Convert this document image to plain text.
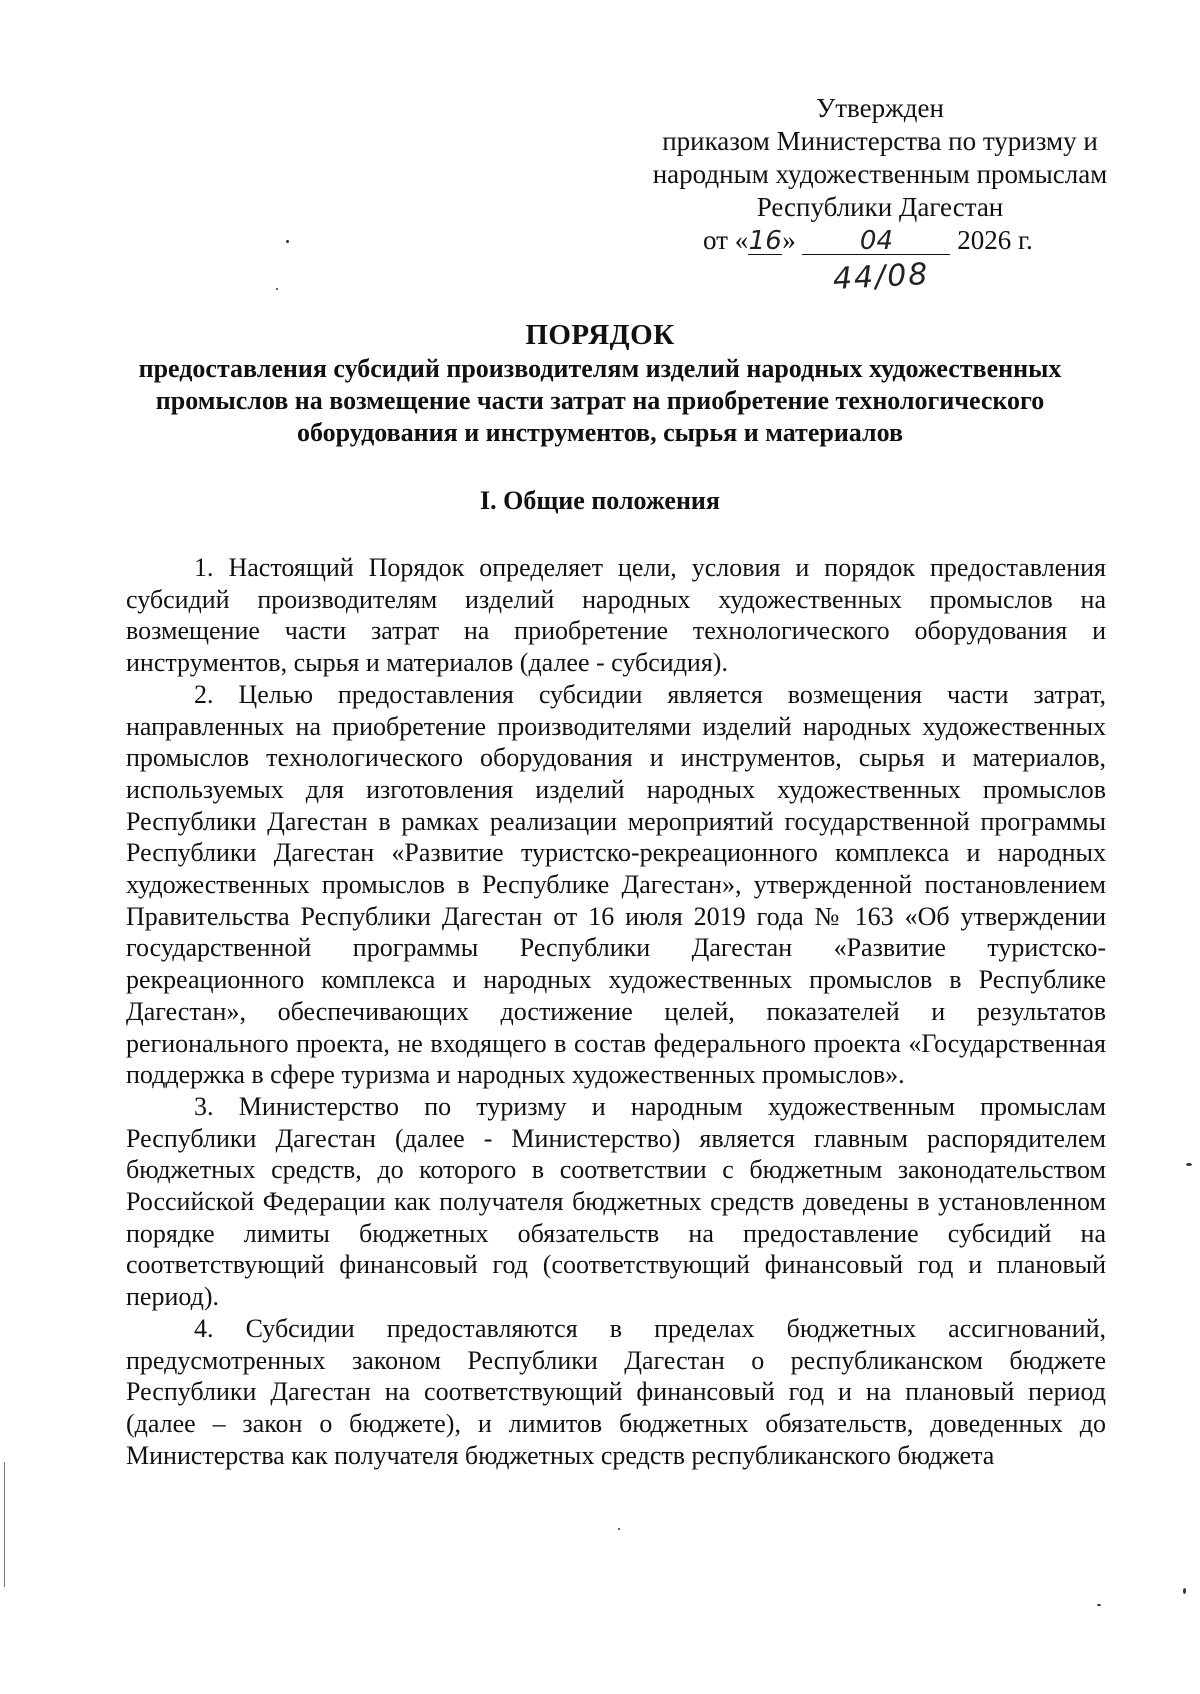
Утвержден
приказом Министерства по туризму и
народным художественным промыслам
Республики Дагестан
от «16» 04 2026 г.
44/08
ПОРЯДОК
предоставления субсидий производителям изделий народных художественных
промыслов на возмещение части затрат на приобретение технологического
оборудования и инструментов, сырья и материалов
I. Общие положения

1. Настоящий Порядок определяет цели, условия и порядок предоставления субсидий производителям изделий народных художественных промыслов на возмещение части затрат на приобретение технологического оборудования и инструментов, сырья и материалов (далее - субсидия).

2. Целью предоставления субсидии является возмещения части затрат, направленных на приобретение производителями изделий народных художественных промыслов технологического оборудования и инструментов, сырья и материалов, используемых для изготовления изделий народных художественных промыслов Республики Дагестан в рамках реализации мероприятий государственной программы Республики Дагестан «Развитие туристско-рекреационного комплекса и народных художественных промыслов в Республике Дагестан», утвержденной постановлением Правительства Республики Дагестан от 16 июля 2019 года № 163 «Об утверждении государственной программы Республики Дагестан «Развитие туристско-рекреационного комплекса и народных художественных промыслов в Республике Дагестан», обеспечивающих достижение целей, показателей и результатов регионального проекта, не входящего в состав федерального проекта «Государственная поддержка в сфере туризма и народных художественных промыслов».

3. Министерство по туризму и народным художественным промыслам Республики Дагестан (далее - Министерство) является главным распорядителем бюджетных средств, до которого в соответствии с бюджетным законодательством Российской Федерации как получателя бюджетных средств доведены в установленном порядке лимиты бюджетных обязательств на предоставление субсидий на соответствующий финансовый год (соответствующий финансовый год и плановый период).

4. Субсидии предоставляются в пределах бюджетных ассигнований, предусмотренных законом Республики Дагестан о республиканском бюджете Республики Дагестан на соответствующий финансовый год и на плановый период (далее – закон о бюджете), и лимитов бюджетных обязательств, доведенных до Министерства как получателя бюджетных средств республиканского бюджета
